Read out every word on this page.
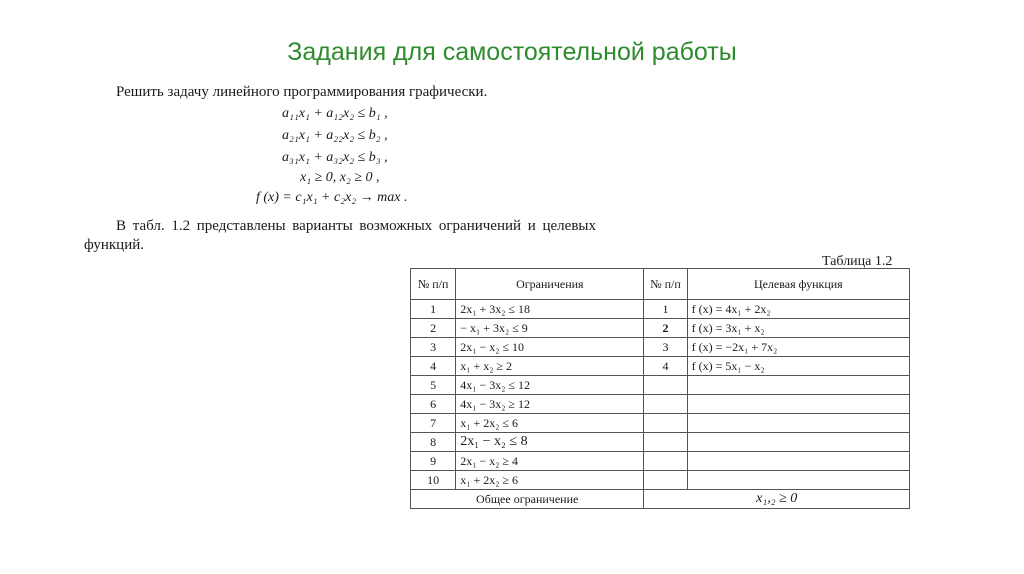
Задания для самостоятельной работы
Решить задачу линейного программирования графически.
a₁₁x₁ + a₁₂x₂ ≤ b₁ ,
a₂₁x₁ + a₂₂x₂ ≤ b₂ ,
a₃₁x₁ + a₃₂x₂ ≤ b₃ ,
x₁ ≥ 0, x₂ ≥ 0 ,
f (x) = c₁x₁ + c₂x₂ → max .
В табл. 1.2 представлены варианты возможных ограничений и целевых функций.
Таблица 1.2
№ п/п	Ограничения	№ п/п	Целевая функция
1	2x₁ + 3x₂ ≤ 18	1	f (x) = 4x₁ + 2x₂
2	− x₁ + 3x₂ ≤ 9	2	f (x) = 3x₁ + x₂
3	2x₁ − x₂ ≤ 10	3	f (x) = −2x₁ + 7x₂
4	x₁ + x₂ ≥ 2	4	f (x) = 5x₁ − x₂
5	4x₁ − 3x₂ ≤ 12		
6	4x₁ − 3x₂ ≥ 12		
7	x₁ + 2x₂ ≤ 6		
8	2x₁ − x₂ ≤ 8		
9	2x₁ − x₂ ≥ 4		
10	x₁ + 2x₂ ≥ 6		
Общее ограничение		x₁,₂ ≥ 0	
